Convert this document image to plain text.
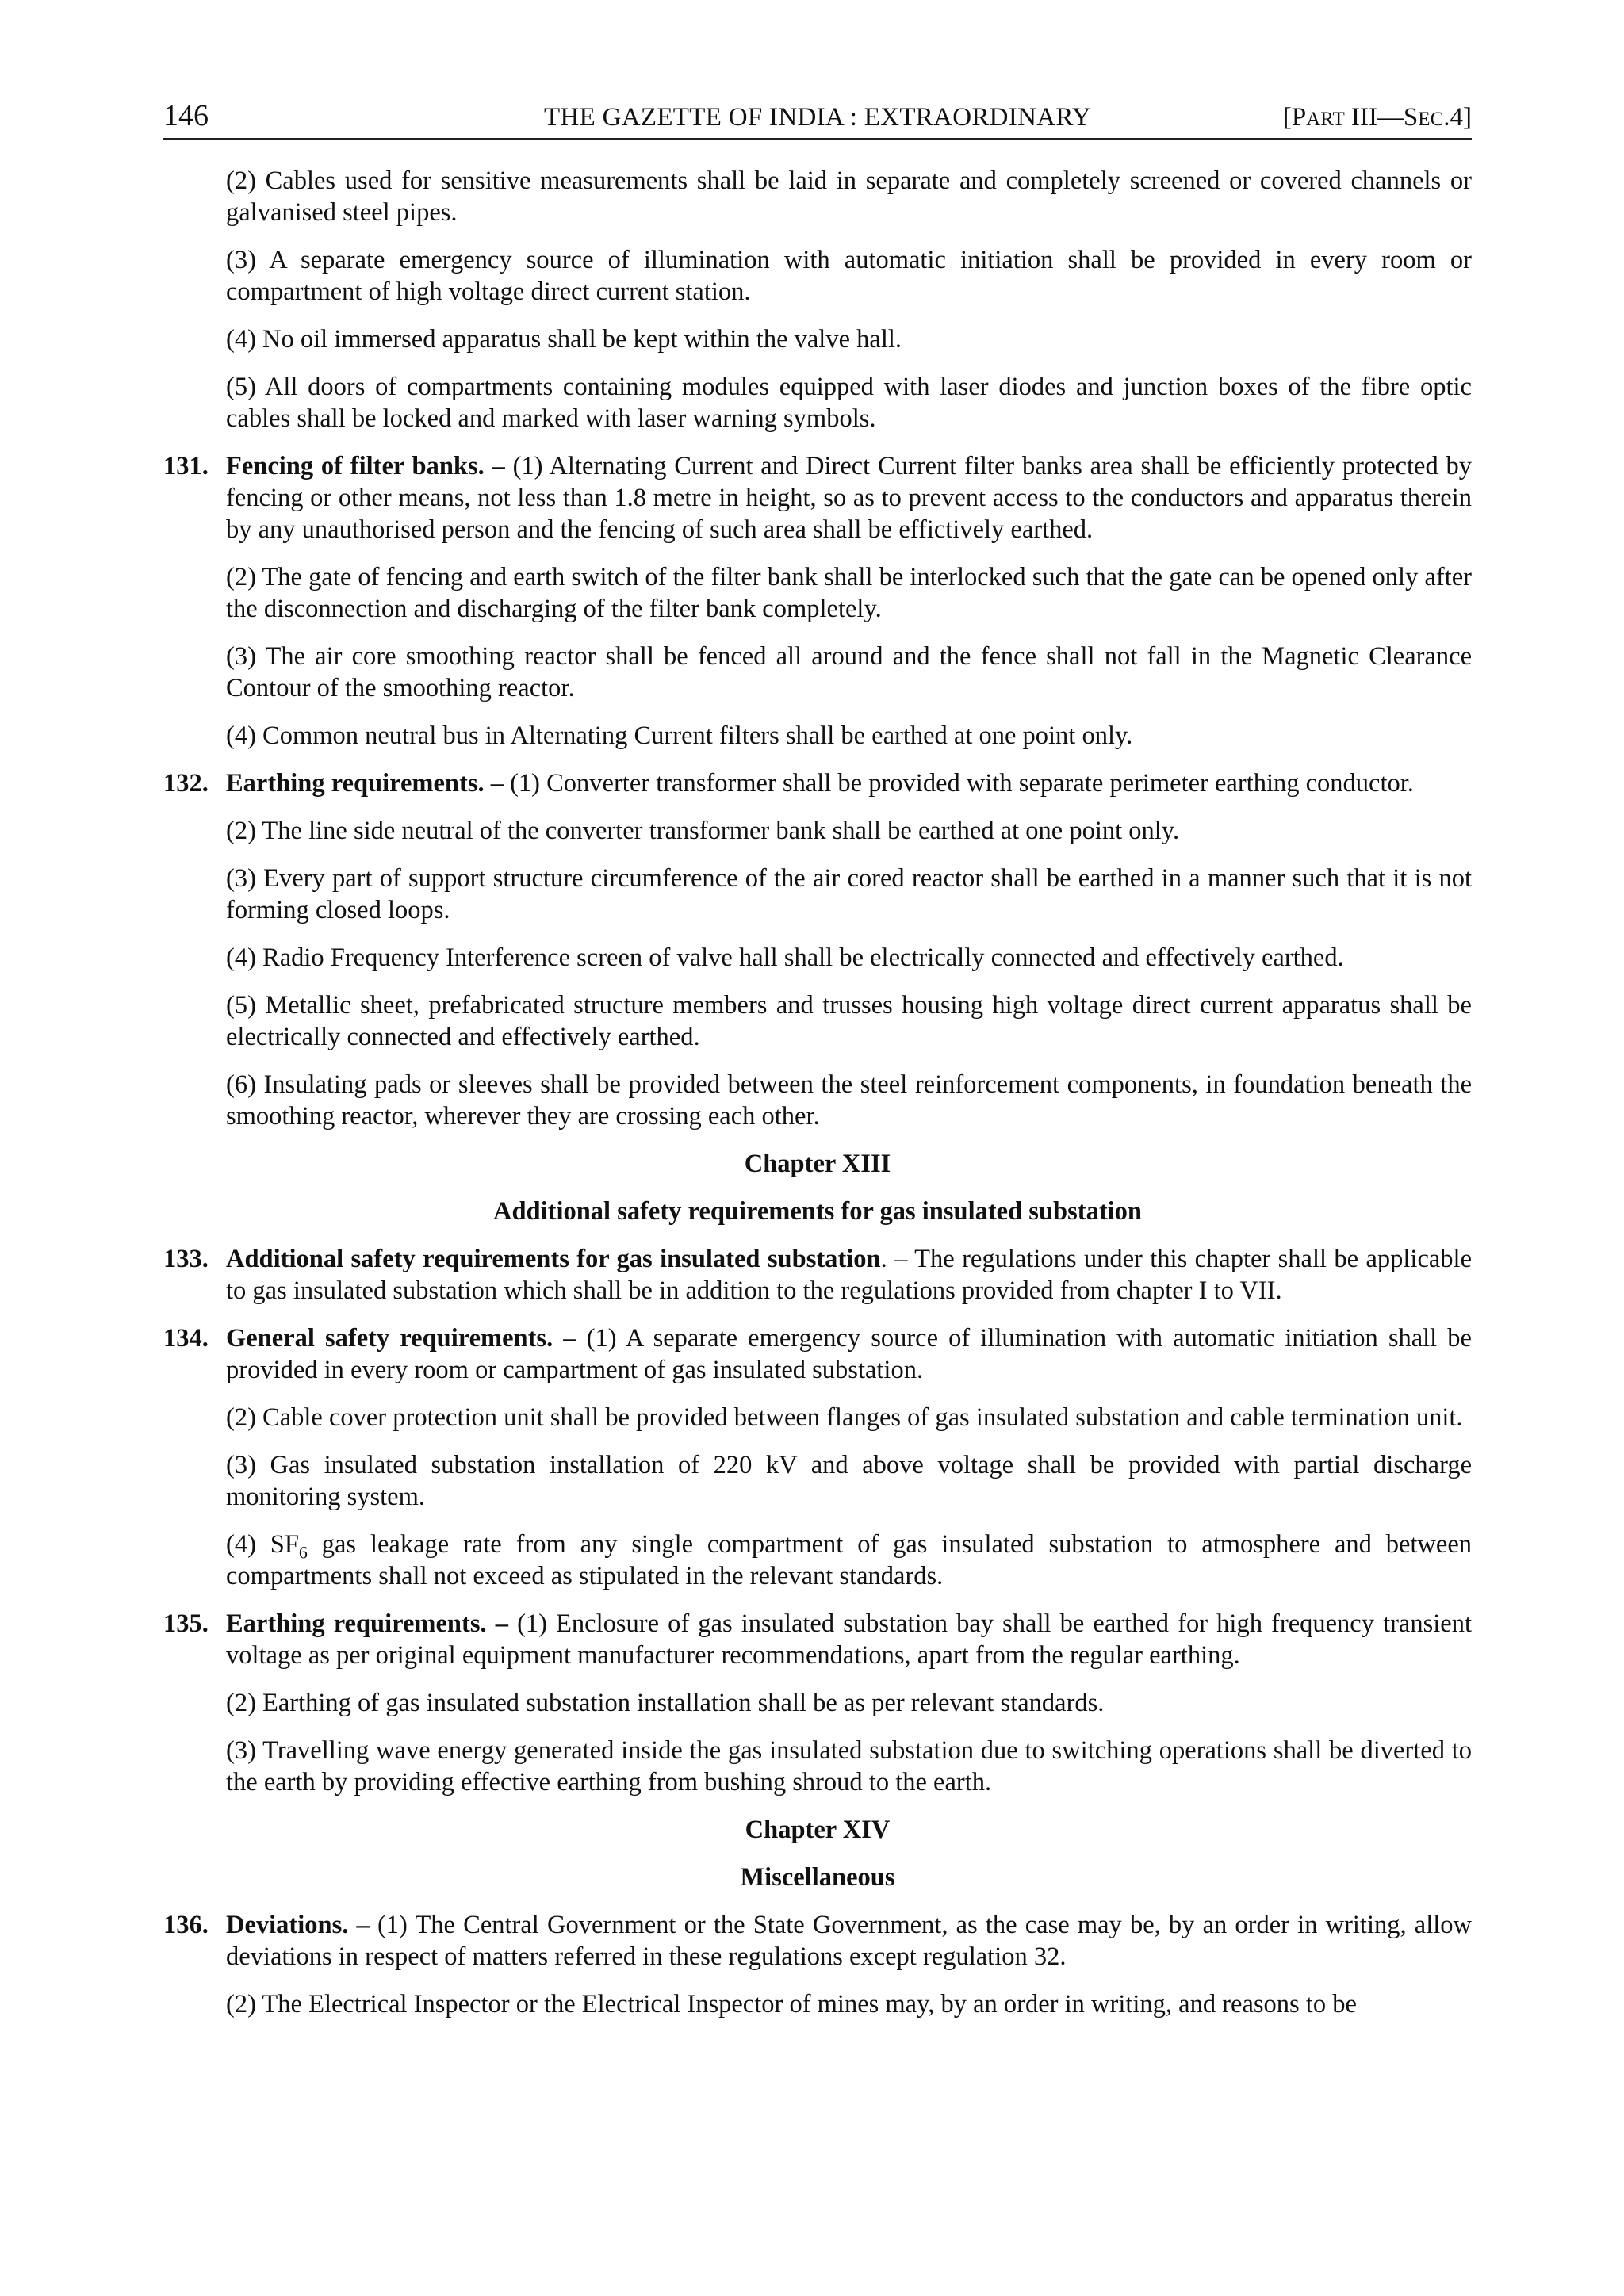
146	THE GAZETTE OF INDIA : EXTRAORDINARY	[PART III—SEC.4]

(2) Cables used for sensitive measurements shall be laid in separate and completely screened or covered channels or galvanised steel pipes.

(3) A separate emergency source of illumination with automatic initiation shall be provided in every room or compartment of high voltage direct current station.

(4) No oil immersed apparatus shall be kept within the valve hall.

(5) All doors of compartments containing modules equipped with laser diodes and junction boxes of the fibre optic cables shall be locked and marked with laser warning symbols.

131. Fencing of filter banks. – (1) Alternating Current and Direct Current filter banks area shall be efficiently protected by fencing or other means, not less than 1.8 metre in height, so as to prevent access to the conductors and apparatus therein by any unauthorised person and the fencing of such area shall be effictively earthed.

(2) The gate of fencing and earth switch of the filter bank shall be interlocked such that the gate can be opened only after the disconnection and discharging of the filter bank completely.

(3) The air core smoothing reactor shall be fenced all around and the fence shall not fall in the Magnetic Clearance Contour of the smoothing reactor.

(4) Common neutral bus in Alternating Current filters shall be earthed at one point only.

132. Earthing requirements. – (1) Converter transformer shall be provided with separate perimeter earthing conductor.

(2) The line side neutral of the converter transformer bank shall be earthed at one point only.

(3) Every part of support structure circumference of the air cored reactor shall be earthed in a manner such that it is not forming closed loops.

(4) Radio Frequency Interference screen of valve hall shall be electrically connected and effectively earthed.

(5) Metallic sheet, prefabricated structure members and trusses housing high voltage direct current apparatus shall be electrically connected and effectively earthed.

(6) Insulating pads or sleeves shall be provided between the steel reinforcement components, in foundation beneath the smoothing reactor, wherever they are crossing each other.

Chapter XIII

Additional safety requirements for gas insulated substation

133. Additional safety requirements for gas insulated substation. – The regulations under this chapter shall be applicable to gas insulated substation which shall be in addition to the regulations provided from chapter I to VII.
134. General safety requirements. – (1) A separate emergency source of illumination with automatic initiation shall be provided in every room or campartment of gas insulated substation.

(2) Cable cover protection unit shall be provided between flanges of gas insulated substation and cable termination unit.

(3) Gas insulated substation installation of 220 kV and above voltage shall be provided with partial discharge monitoring system.

(4) $SF_6$ gas leakage rate from any single compartment of gas insulated substation to atmosphere and between compartments shall not exceed as stipulated in the relevant standards.

135. Earthing requirements. – (1) Enclosure of gas insulated substation bay shall be earthed for high frequency transient voltage as per original equipment manufacturer recommendations, apart from the regular earthing.

(2) Earthing of gas insulated substation installation shall be as per relevant standards.

(3) Travelling wave energy generated inside the gas insulated substation due to switching operations shall be diverted to the earth by providing effective earthing from bushing shroud to the earth.

Chapter XIV

Miscellaneous

136. Deviations. – (1) The Central Government or the State Government, as the case may be, by an order in writing, allow deviations in respect of matters referred in these regulations except regulation 32.

(2) The Electrical Inspector or the Electrical Inspector of mines may, by an order in writing, and reasons to be
